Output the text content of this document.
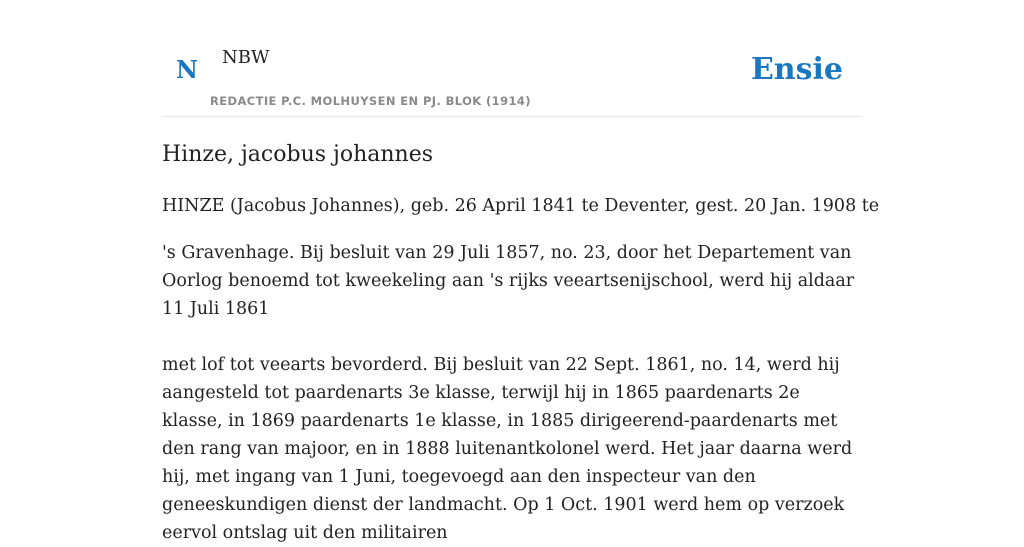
N NBW
REDACTIE P.C. MOLHUYSEN EN PJ. BLOK (1914)
Ensie
Hinze, jacobus johannes

HINZE (Jacobus Johannes), geb. 26 April 1841 te Deventer, gest. 20 Jan. 1908 te

's Gravenhage. Bij besluit van 29 Juli 1857, no. 23, door het Departement van Oorlog benoemd tot kweekeling aan 's rijks veeartsenijschool, werd hij aldaar 11 Juli 1861

met lof tot veearts bevorderd. Bij besluit van 22 Sept. 1861, no. 14, werd hij aangesteld tot paardenarts 3e klasse, terwijl hij in 1865 paardenarts 2e klasse, in 1869 paardenarts 1e klasse, in 1885 dirigeerend-paardenarts met den rang van majoor, en in 1888 luitenantkolonel werd. Het jaar daarna werd hij, met ingang van 1 Juni, toegevoegd aan den inspecteur van den geneeskundigen dienst der landmacht. Op 1 Oct. 1901 werd hem op verzoek eervol ontslag uit den militairen
